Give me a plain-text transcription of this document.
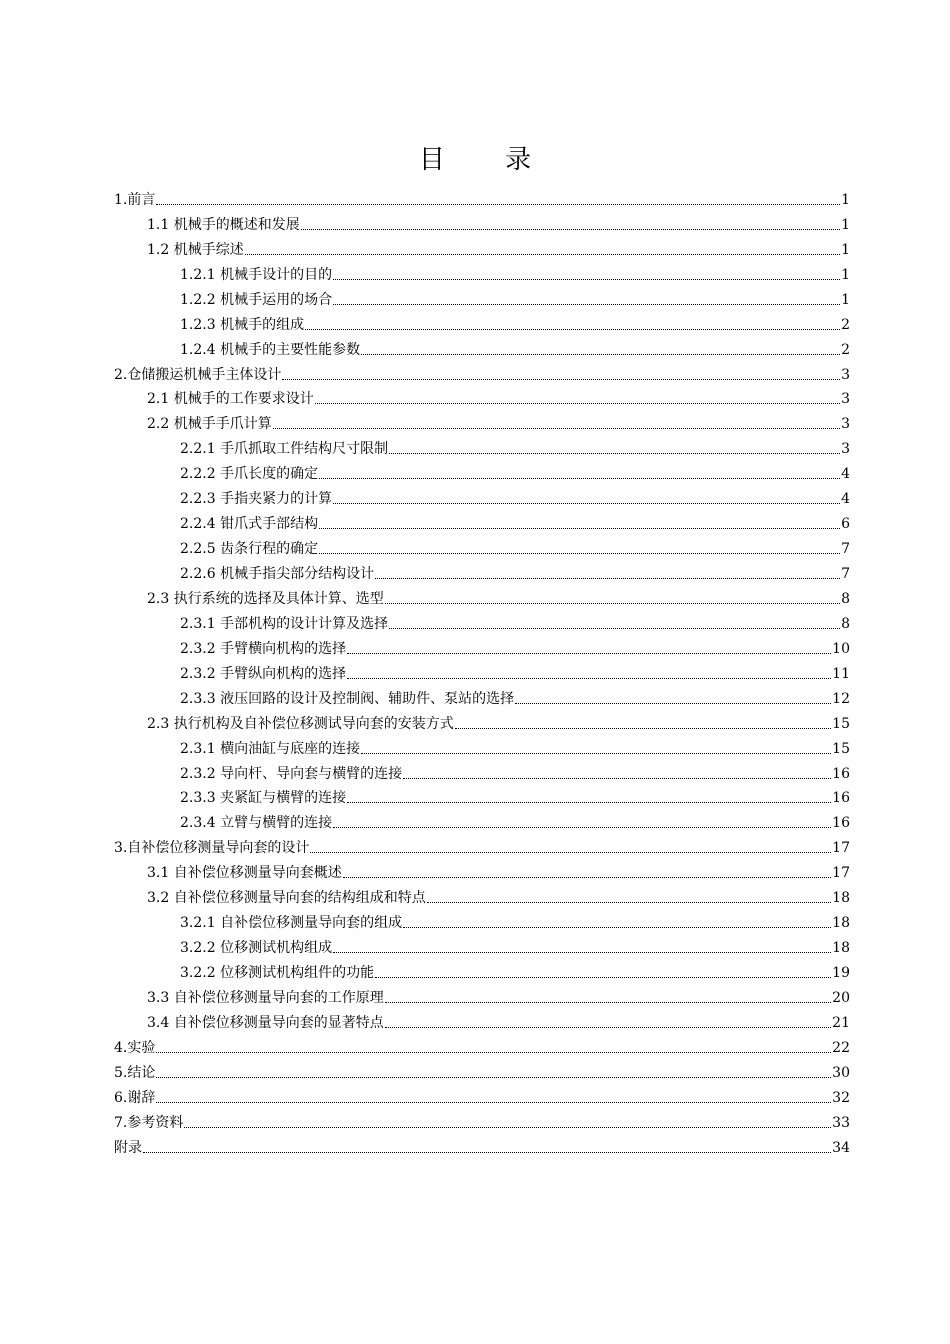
目 录
1.前言	1
1.1 机械手的概述和发展	1
1.2 机械手综述	1
1.2.1 机械手设计的目的	1
1.2.2 机械手运用的场合	1
1.2.3 机械手的组成	2
1.2.4 机械手的主要性能参数	2
2.仓储搬运机械手主体设计	3
2.1 机械手的工作要求设计	3
2.2 机械手手爪计算	3
2.2.1 手爪抓取工件结构尺寸限制	3
2.2.2 手爪长度的确定	4
2.2.3 手指夹紧力的计算	4
2.2.4 钳爪式手部结构	6
2.2.5 齿条行程的确定	7
2.2.6 机械手指尖部分结构设计	7
2.3 执行系统的选择及具体计算、选型	8
2.3.1 手部机构的设计计算及选择	8
2.3.2 手臂横向机构的选择	10
2.3.2 手臂纵向机构的选择	11
2.3.3 液压回路的设计及控制阀、辅助件、泵站的选择	12
2.3 执行机构及自补偿位移测试导向套的安装方式	15
2.3.1 横向油缸与底座的连接	15
2.3.2 导向杆、导向套与横臂的连接	16
2.3.3 夹紧缸与横臂的连接	16
2.3.4 立臂与横臂的连接	16
3.自补偿位移测量导向套的设计	17
3.1 自补偿位移测量导向套概述	17
3.2 自补偿位移测量导向套的结构组成和特点	18
3.2.1 自补偿位移测量导向套的组成	18
3.2.2 位移测试机构组成	18
3.2.2 位移测试机构组件的功能	19
3.3 自补偿位移测量导向套的工作原理	20
3.4 自补偿位移测量导向套的显著特点	21
4.实验	22
5.结论	30
6.谢辞	32
7.参考资料	33
附录	34
